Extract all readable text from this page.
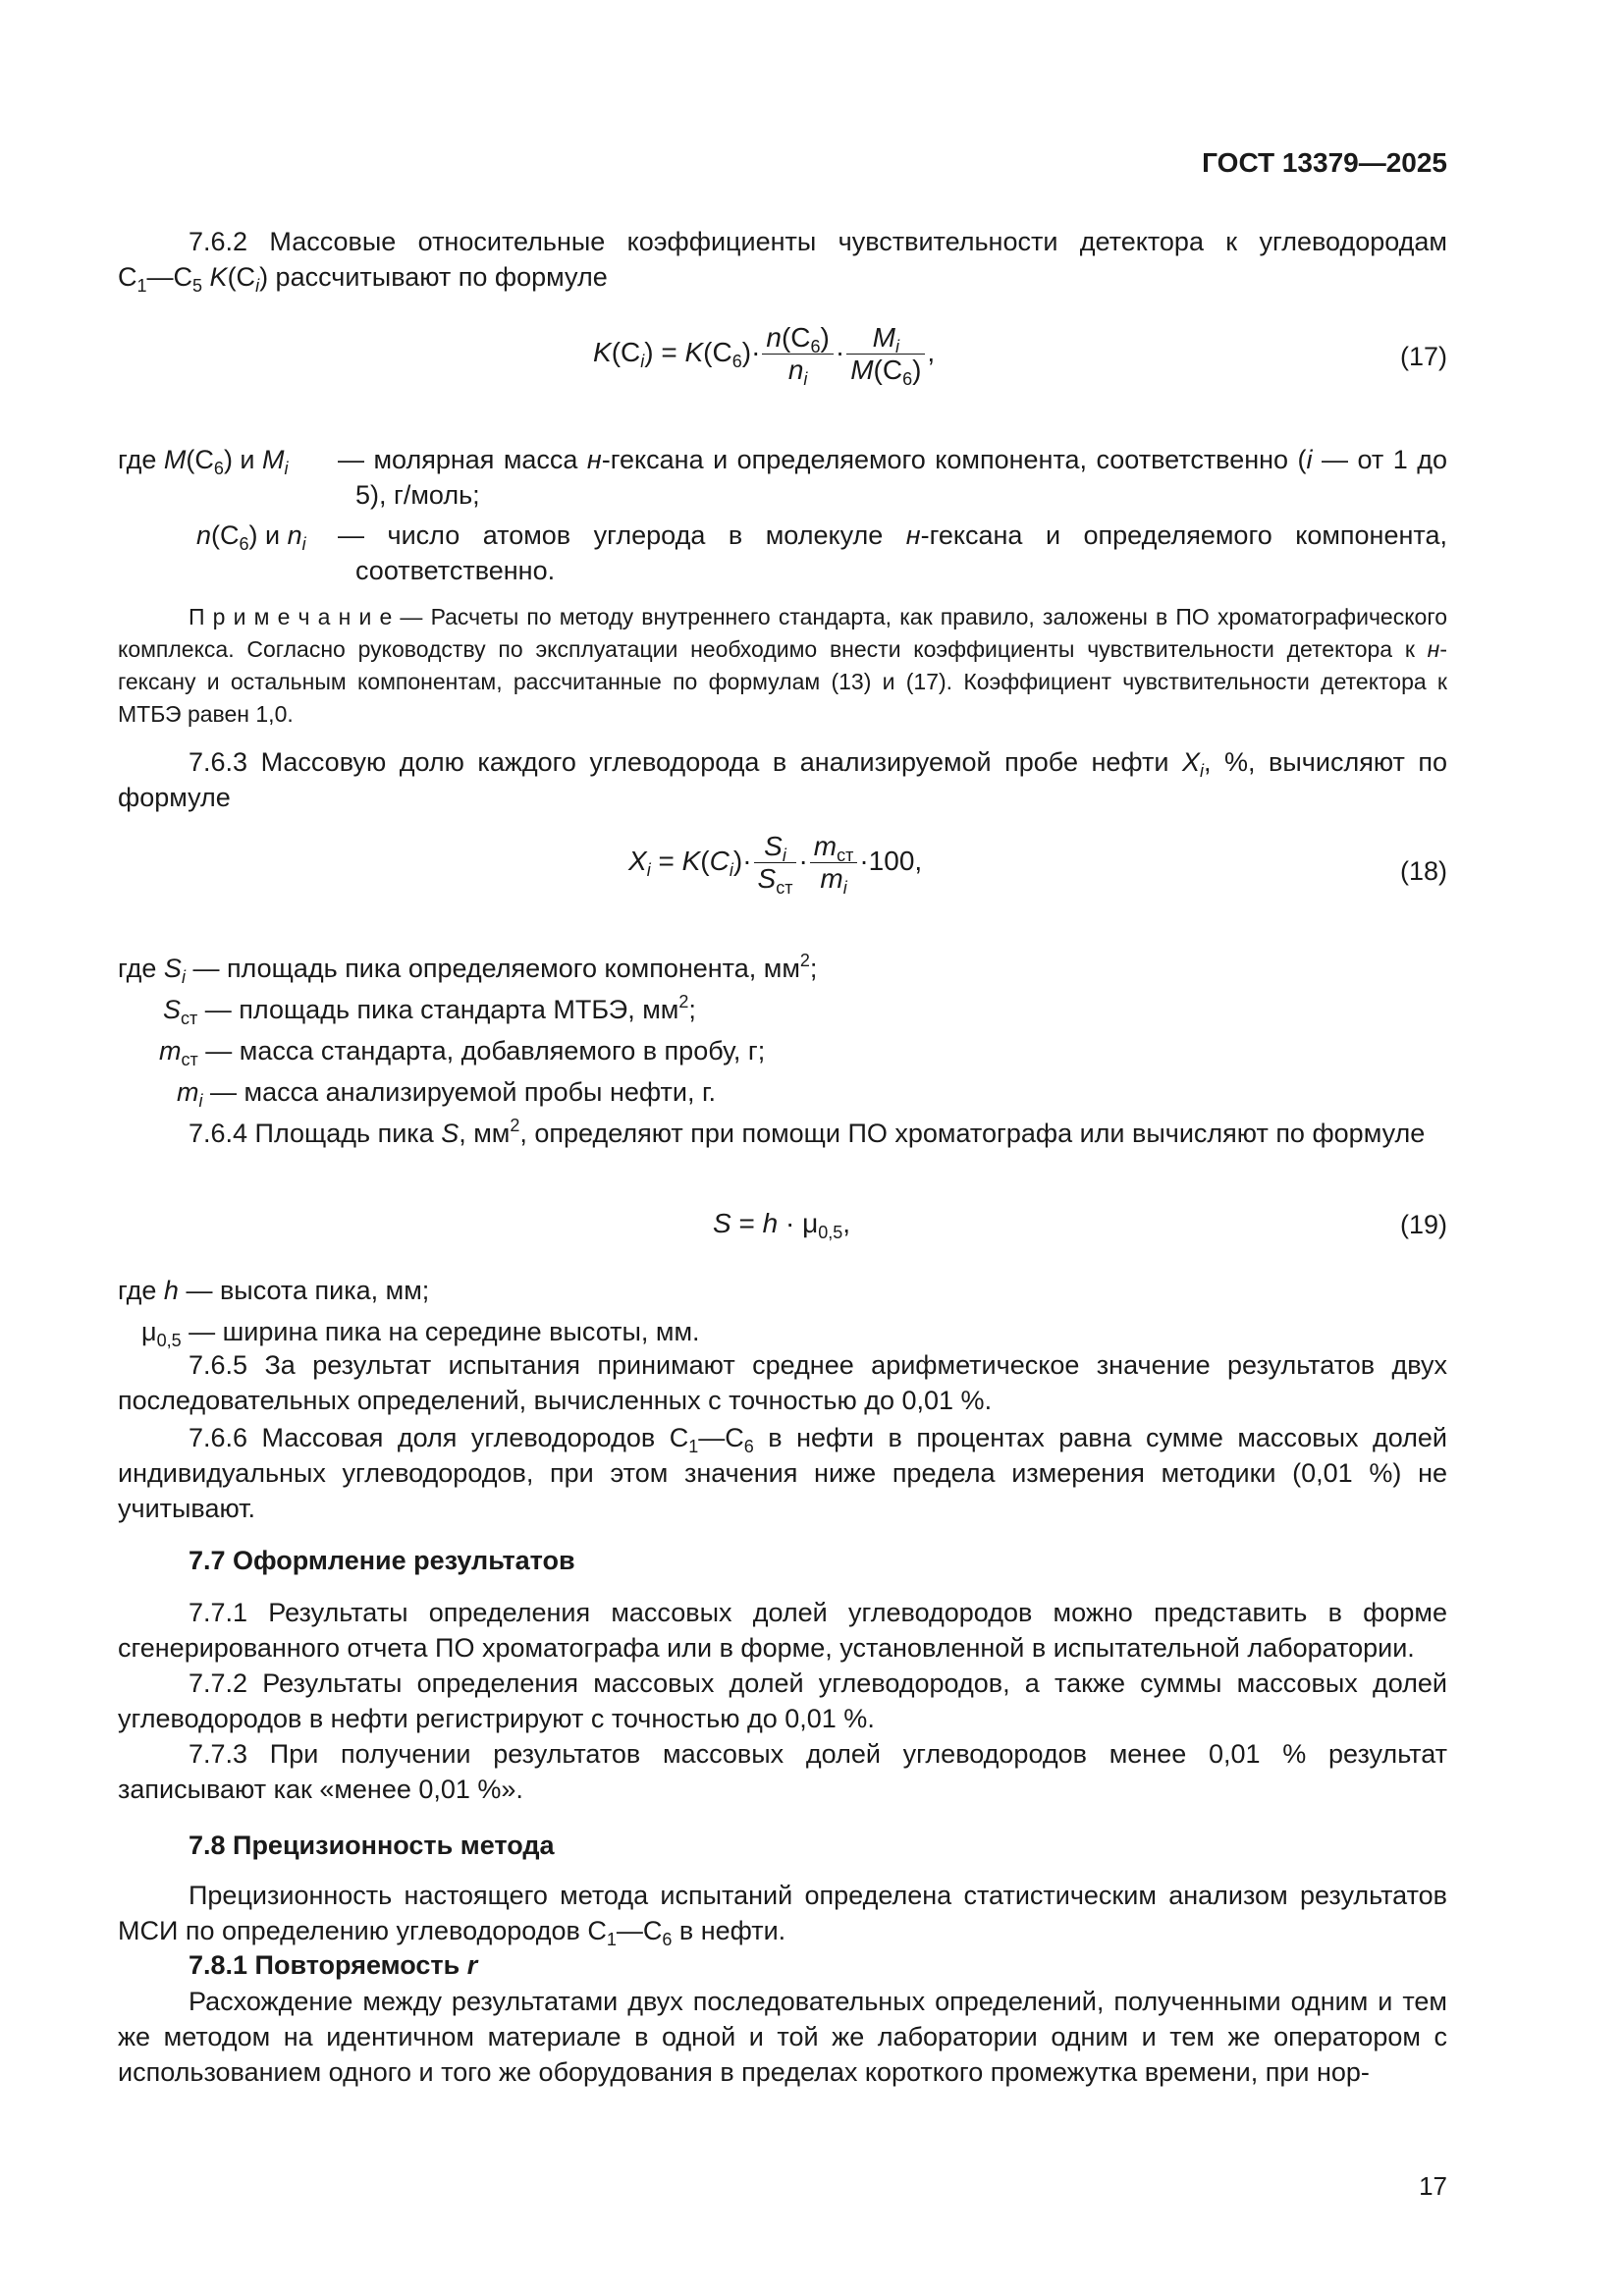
ГОСТ 13379—2025
7.6.2 Массовые относительные коэффициенты чувствительности детектора к углеводородам
$С_1—С_5$ $K(С_i)$ рассчитывают по формуле
$K(С_i) = K(С_6)\cdot \frac{n(С_6)}{n_i} \cdot \frac{M_i}{M(С_6)}$ ,	(17)
где $M(С_6)$ и $M_i$ — молярная масса н-гексана и определяемого компонента, соответственно (i — от 1 до
5), г/моль;
$n(С_6)$ и $n_i$ — число атомов углерода в молекуле н-гексана и определяемого компонента,
соответственно.
П р и м е ч а н и е — Расчеты по методу внутреннего стандарта, как правило, заложены в ПО хроматографического комплекса. Согласно руководству по эксплуатации необходимо внести коэффициенты чувствительности детектора к н-гексану и остальным компонентам, рассчитанные по формулам (13) и (17). Коэффициент чувствительности детектора к МТБЭ равен 1,0.
7.6.3 Массовую долю каждого углеводорода в анализируемой пробе нефти $X_i$, %, вычисляют по формуле
$X_i = K(C_i)\cdot \frac{S_i}{S_{ст}} \cdot \frac{m_{ст}}{m_i} \cdot 100$,	(18)
где $S_i$ — площадь пика определяемого компонента, $мм^2$;
$S_{ст}$ — площадь пика стандарта МТБЭ, $мм^2$;
$m_{ст}$ — масса стандарта, добавляемого в пробу, г;
$m_i$ — масса анализируемой пробы нефти, г.
7.6.4 Площадь пика S, $мм^2$, определяют при помощи ПО хроматографа или вычисляют по формуле
$S = h \cdot \mu_{0,5}$,	(19)
где h — высота пика, мм;
$\mu_{0,5}$ — ширина пика на середине высоты, мм.
7.6.5 За результат испытания принимают среднее арифметическое значение результатов двух последовательных определений, вычисленных с точностью до 0,01 %.
7.6.6 Массовая доля углеводородов $С_1—С_6$ в нефти в процентах равна сумме массовых долей индивидуальных углеводородов, при этом значения ниже предела измерения методики (0,01 %) не учитывают.
7.7 Оформление результатов
7.7.1 Результаты определения массовых долей углеводородов можно представить в форме сгенерированного отчета ПО хроматографа или в форме, установленной в испытательной лаборатории.
7.7.2 Результаты определения массовых долей углеводородов, а также суммы массовых долей углеводородов в нефти регистрируют с точностью до 0,01 %.
7.7.3 При получении результатов массовых долей углеводородов менее 0,01 % результат записывают как «менее 0,01 %».
7.8 Прецизионность метода
Прецизионность настоящего метода испытаний определена статистическим анализом результатов МСИ по определению углеводородов $С_1—С_6$ в нефти.
7.8.1 Повторяемость r
Расхождение между результатами двух последовательных определений, полученными одним и тем же методом на идентичном материале в одной и той же лаборатории одним и тем же оператором с использованием одного и того же оборудования в пределах короткого промежутка времени, при нор-
17
